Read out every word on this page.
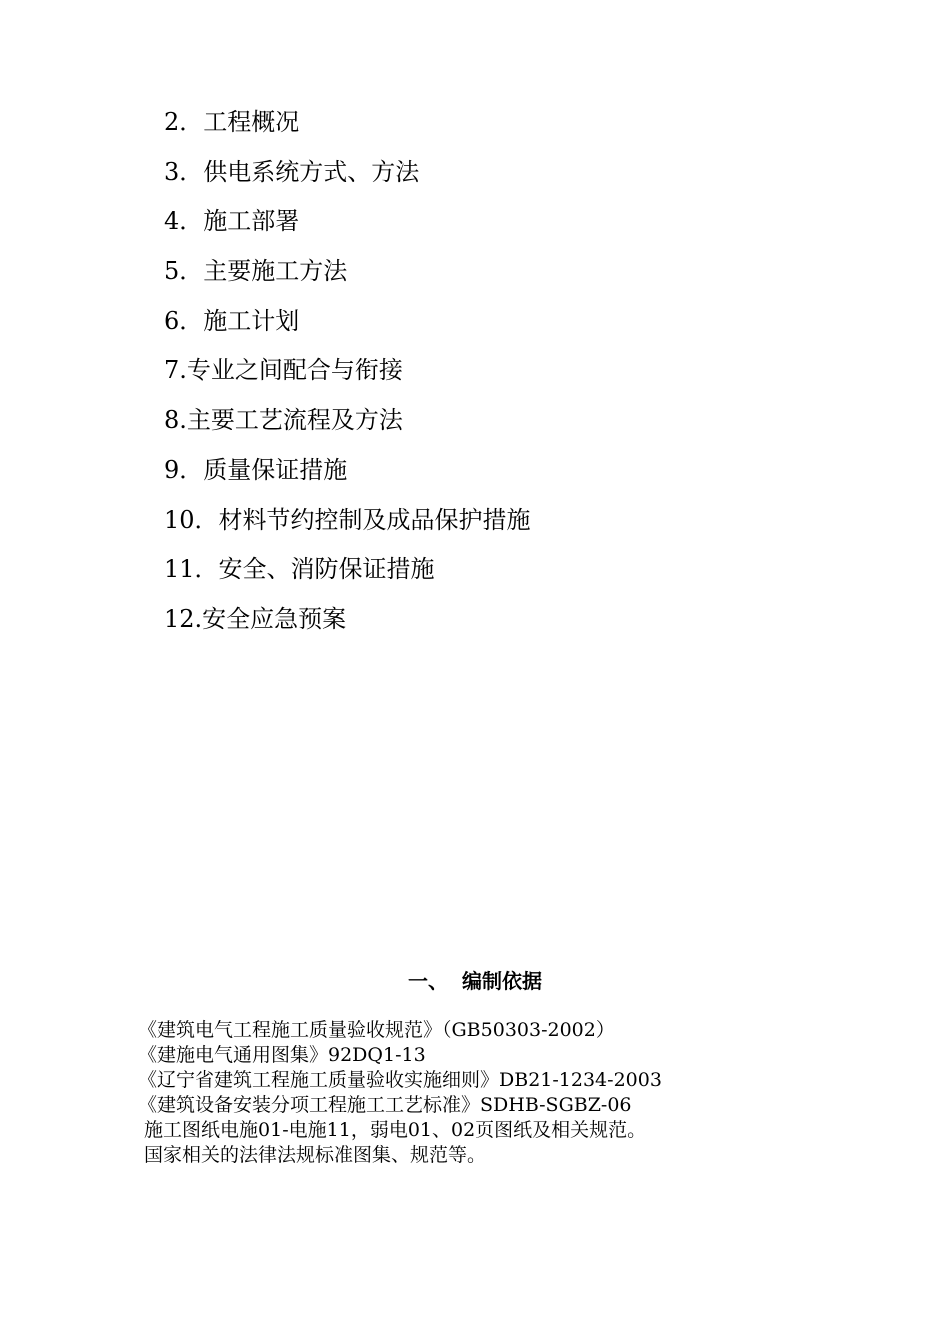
2．工程概况
3．供电系统方式、方法
4．施工部署
5．主要施工方法
6．施工计划
7.专业之间配合与衔接
8.主要工艺流程及方法
9．质量保证措施
10．材料节约控制及成品保护措施
11．安全、消防保证措施
12.安全应急预案
一、  编制依据
《建筑电气工程施工质量验收规范》（GB50303-2002）
《建施电气通用图集》92DQ1-13
《辽宁省建筑工程施工质量验收实施细则》DB21-1234-2003
《建筑设备安装分项工程施工工艺标准》SDHB-SGBZ-06
施工图纸电施01-电施11，弱电01、02页图纸及相关规范。
国家相关的法律法规标准图集、规范等。
